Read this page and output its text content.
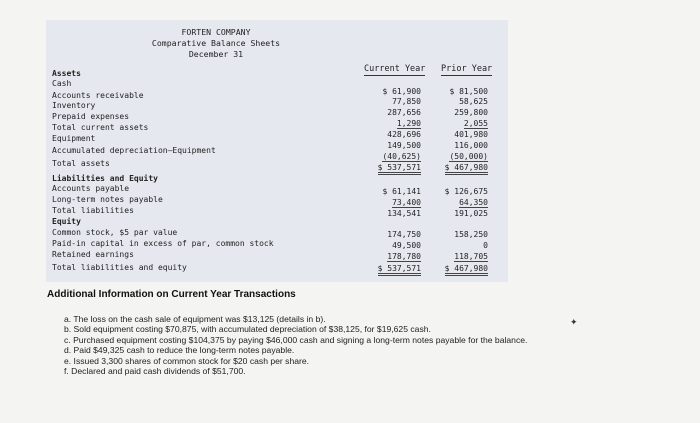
FORTEN COMPANY
Comparative Balance Sheets
December 31
Current Year Prior Year
Assets
Cash
Accounts receivable
Inventory
Prepaid expenses
Total current assets
Equipment
Accumulated depreciation—Equipment
Total assets
Liabilities and Equity
Accounts payable
Long-term notes payable
Total liabilities
Equity
Common stock, $5 par value
Paid-in capital in excess of par, common stock
Retained earnings
Total liabilities and equity
$ 61,900
77,850
287,656
1,290
428,696
149,500
(40,625)
$ 537,571
$ 61,141
73,400
134,541
174,750
49,500
178,780
$ 537,571
$ 81,500
58,625
259,800
2,055
401,980
116,000
(50,000)
$ 467,980
$ 126,675
64,350
191,025
158,250
0
118,705
$ 467,980
Additional Information on Current Year Transactions

a. The loss on the cash sale of equipment was $13,125 (details in b).

b. Sold equipment costing $70,875, with accumulated depreciation of $38,125, for $19,625 cash.

c. Purchased equipment costing $104,375 by paying $46,000 cash and signing a long-term notes payable for the balance.

d. Paid $49,325 cash to reduce the long-term notes payable.

e. Issued 3,300 shares of common stock for $20 cash per share.

f. Declared and paid cash dividends of $51,700.

✦
